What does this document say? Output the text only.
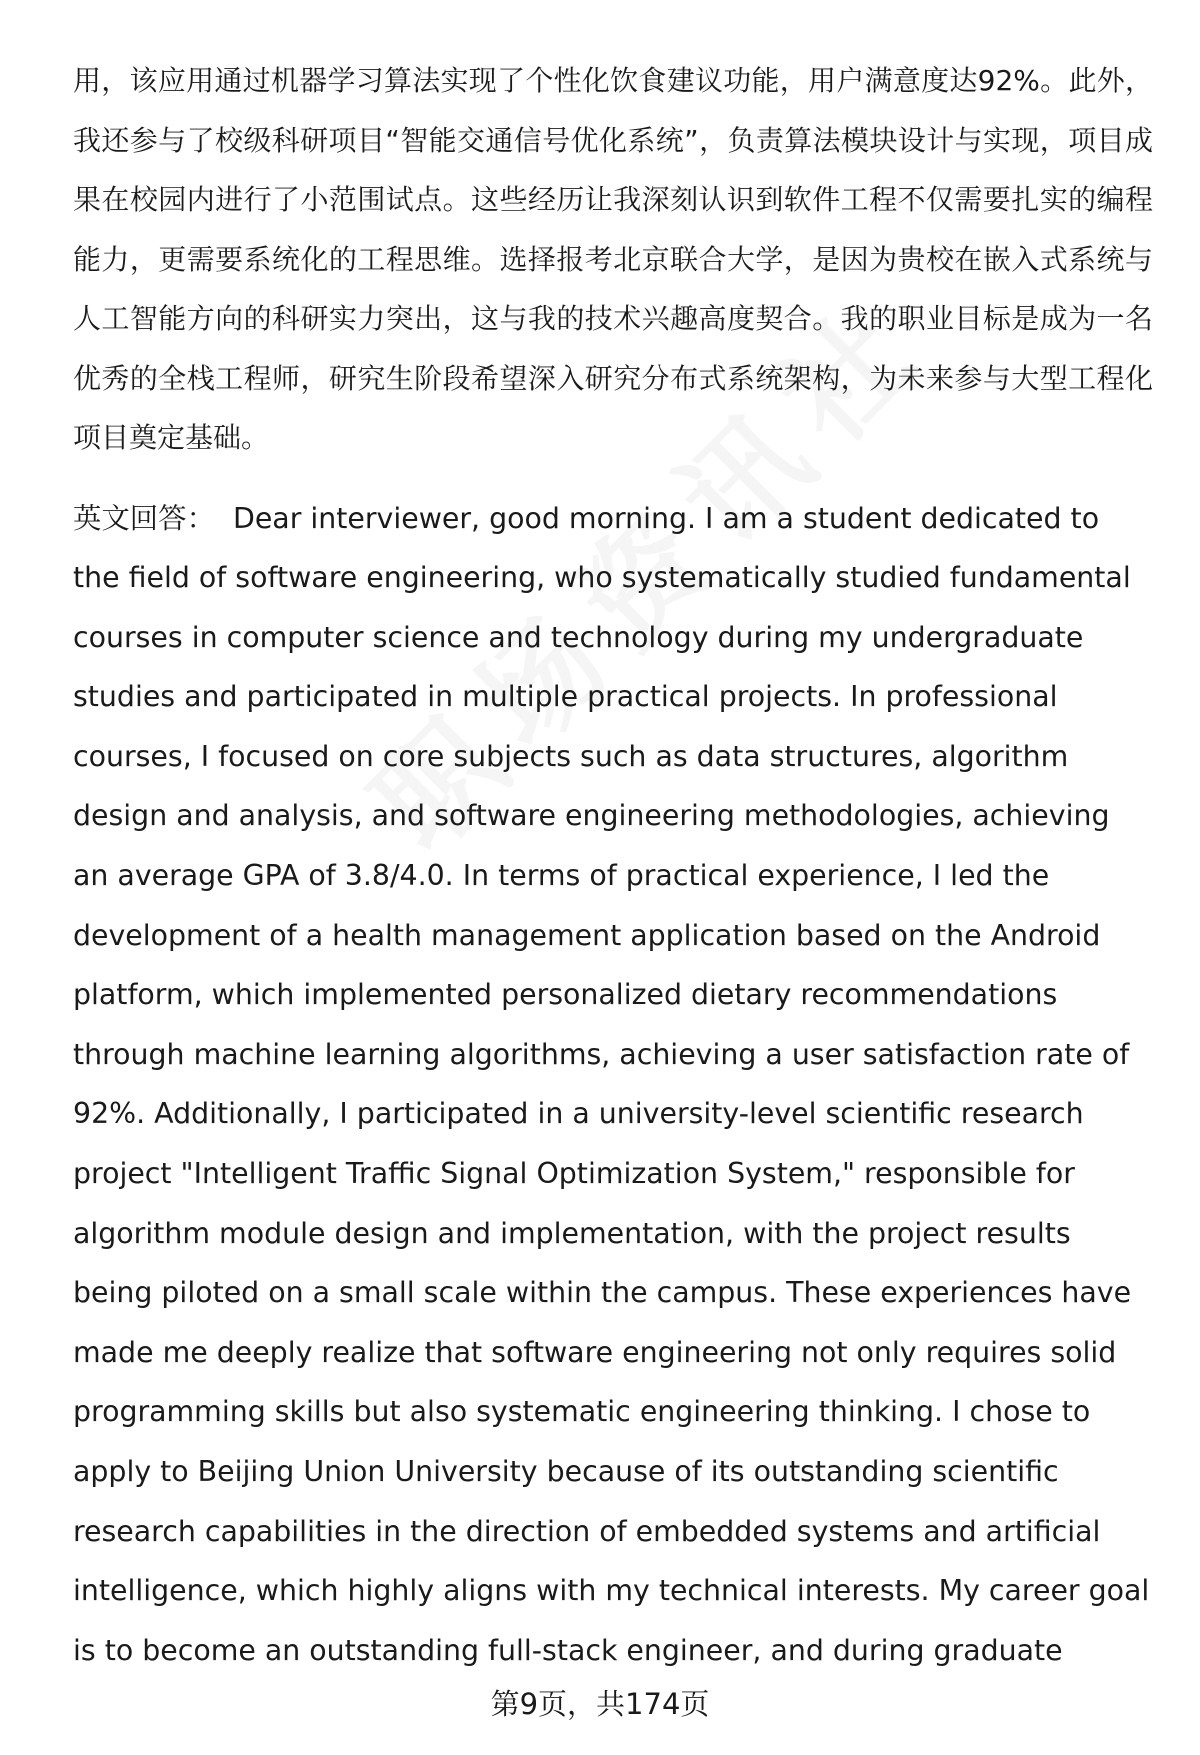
用，该应用通过机器学习算法实现了个性化饮食建议功能，用户满意度达92%。此外，我还参与了校级科研项目“智能交通信号优化系统”，负责算法模块设计与实现，项目成果在校园内进行了小范围试点。这些经历让我深刻认识到软件工程不仅需要扎实的编程能力，更需要系统化的工程思维。选择报考北京联合大学，是因为贵校在嵌入式系统与人工智能方向的科研实力突出，这与我的技术兴趣高度契合。我的职业目标是成为一名优秀的全栈工程师，研究生阶段希望深入研究分布式系统架构，为未来参与大型工程化项目奠定基础。

英文回答： Dear interviewer, good morning. I am a student dedicated to the field of software engineering, who systematically studied fundamental courses in computer science and technology during my undergraduate studies and participated in multiple practical projects. In professional courses, I focused on core subjects such as data structures, algorithm design and analysis, and software engineering methodologies, achieving an average GPA of 3.8/4.0. In terms of practical experience, I led the development of a health management application based on the Android platform, which implemented personalized dietary recommendations through machine learning algorithms, achieving a user satisfaction rate of 92%. Additionally, I participated in a university-level scientific research project "Intelligent Traffic Signal Optimization System," responsible for algorithm module design and implementation, with the project results being piloted on a small scale within the campus. These experiences have made me deeply realize that software engineering not only requires solid programming skills but also systematic engineering thinking. I chose to apply to Beijing Union University because of its outstanding scientific research capabilities in the direction of embedded systems and artificial intelligence, which highly aligns with my technical interests. My career goal is to become an outstanding full-stack engineer, and during graduate

第9页，共174页
